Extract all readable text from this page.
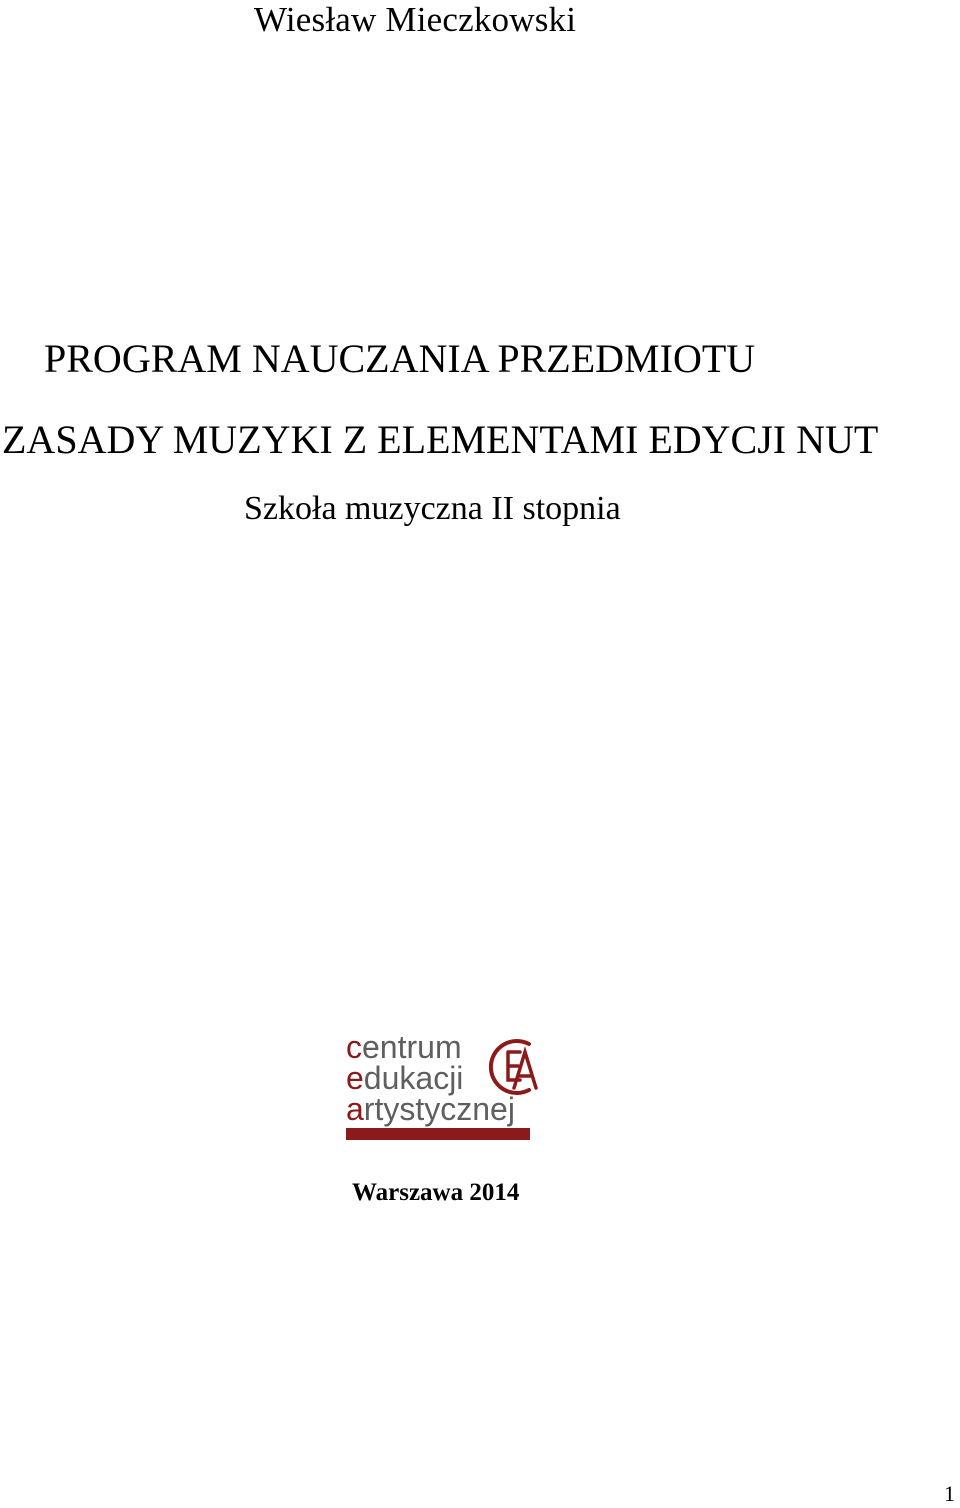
Wiesław Mieczkowski
PROGRAM NAUCZANIA PRZEDMIOTU
ZASADY MUZYKI Z ELEMENTAMI EDYCJI NUT

Szkoła muzyczna II stopnia

centrum
edukacji
artystycznej

Warszawa 2014

1
